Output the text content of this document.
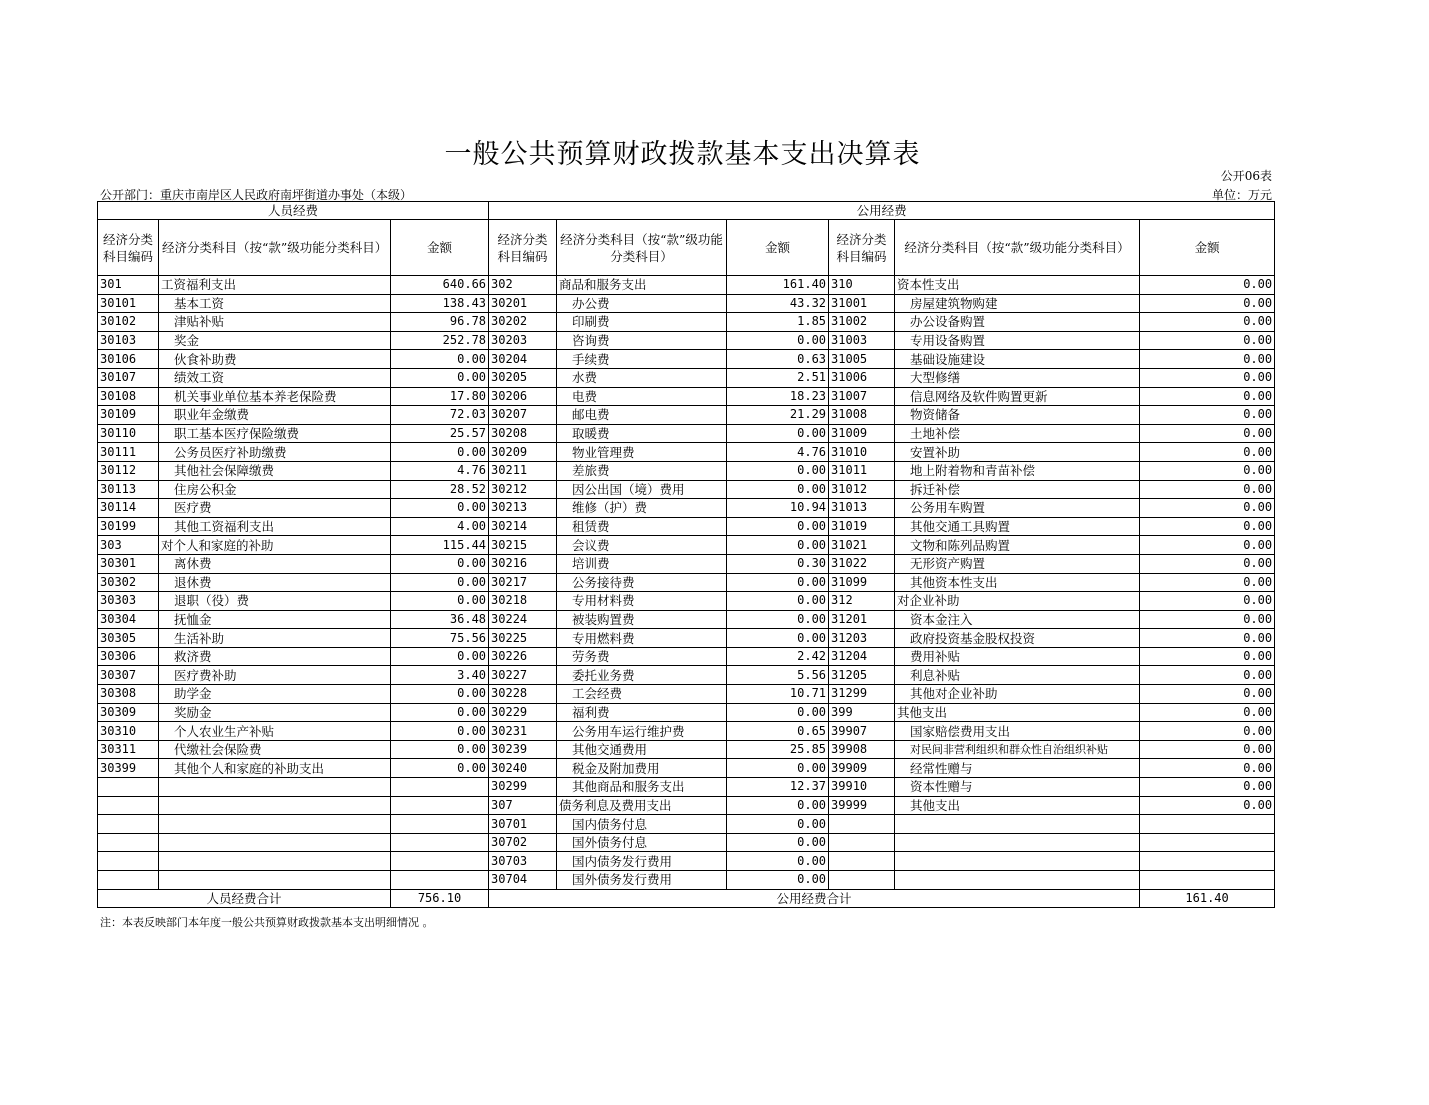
一般公共预算财政拨款基本支出决算表
公开06表
公开部门：重庆市南岸区人民政府南坪街道办事处（本级）	单位：万元
人员经费			公用经费					
经济分类科目编码	经济分类科目（按“款”级功能分类科目）	金额	经济分类科目编码	经济分类科目（按“款”级功能分类科目）	金额	经济分类科目编码	经济分类科目（按“款”级功能分类科目）	金额
301	工资福利支出	640.66	302	商品和服务支出	161.40	310	资本性支出	0.00
30101	基本工资	138.43	30201	办公费	43.32	31001	房屋建筑物购建	0.00
30102	津贴补贴	96.78	30202	印刷费	1.85	31002	办公设备购置	0.00
30103	奖金	252.78	30203	咨询费	0.00	31003	专用设备购置	0.00
30106	伙食补助费	0.00	30204	手续费	0.63	31005	基础设施建设	0.00
30107	绩效工资	0.00	30205	水费	2.51	31006	大型修缮	0.00
30108	机关事业单位基本养老保险费	17.80	30206	电费	18.23	31007	信息网络及软件购置更新	0.00
30109	职业年金缴费	72.03	30207	邮电费	21.29	31008	物资储备	0.00
30110	职工基本医疗保险缴费	25.57	30208	取暖费	0.00	31009	土地补偿	0.00
30111	公务员医疗补助缴费	0.00	30209	物业管理费	4.76	31010	安置补助	0.00
30112	其他社会保障缴费	4.76	30211	差旅费	0.00	31011	地上附着物和青苗补偿	0.00
30113	住房公积金	28.52	30212	因公出国（境）费用	0.00	31012	拆迁补偿	0.00
30114	医疗费	0.00	30213	维修（护）费	10.94	31013	公务用车购置	0.00
30199	其他工资福利支出	4.00	30214	租赁费	0.00	31019	其他交通工具购置	0.00
303	对个人和家庭的补助	115.44	30215	会议费	0.00	31021	文物和陈列品购置	0.00
30301	离休费	0.00	30216	培训费	0.30	31022	无形资产购置	0.00
30302	退休费	0.00	30217	公务接待费	0.00	31099	其他资本性支出	0.00
30303	退职（役）费	0.00	30218	专用材料费	0.00	312	对企业补助	0.00
30304	抚恤金	36.48	30224	被装购置费	0.00	31201	资本金注入	0.00
30305	生活补助	75.56	30225	专用燃料费	0.00	31203	政府投资基金股权投资	0.00
30306	救济费	0.00	30226	劳务费	2.42	31204	费用补贴	0.00
30307	医疗费补助	3.40	30227	委托业务费	5.56	31205	利息补贴	0.00
30308	助学金	0.00	30228	工会经费	10.71	31299	其他对企业补助	0.00
30309	奖励金	0.00	30229	福利费	0.00	399	其他支出	0.00
30310	个人农业生产补贴	0.00	30231	公务用车运行维护费	0.65	39907	国家赔偿费用支出	0.00
30311	代缴社会保险费	0.00	30239	其他交通费用	25.85	39908	对民间非营利组织和群众性自治组织补贴	0.00
30399	其他个人和家庭的补助支出	0.00	30240	税金及附加费用	0.00	39909	经常性赠与	0.00
			30299	其他商品和服务支出	12.37	39910	资本性赠与	0.00
			307	债务利息及费用支出	0.00	39999	其他支出	0.00
			30701	国内债务付息	0.00			
			30702	国外债务付息	0.00			
			30703	国内债务发行费用	0.00			
			30704	国外债务发行费用	0.00			
人员经费合计		756.10	公用经费合计					161.40
注：本表反映部门本年度一般公共预算财政拨款基本支出明细情况 。
